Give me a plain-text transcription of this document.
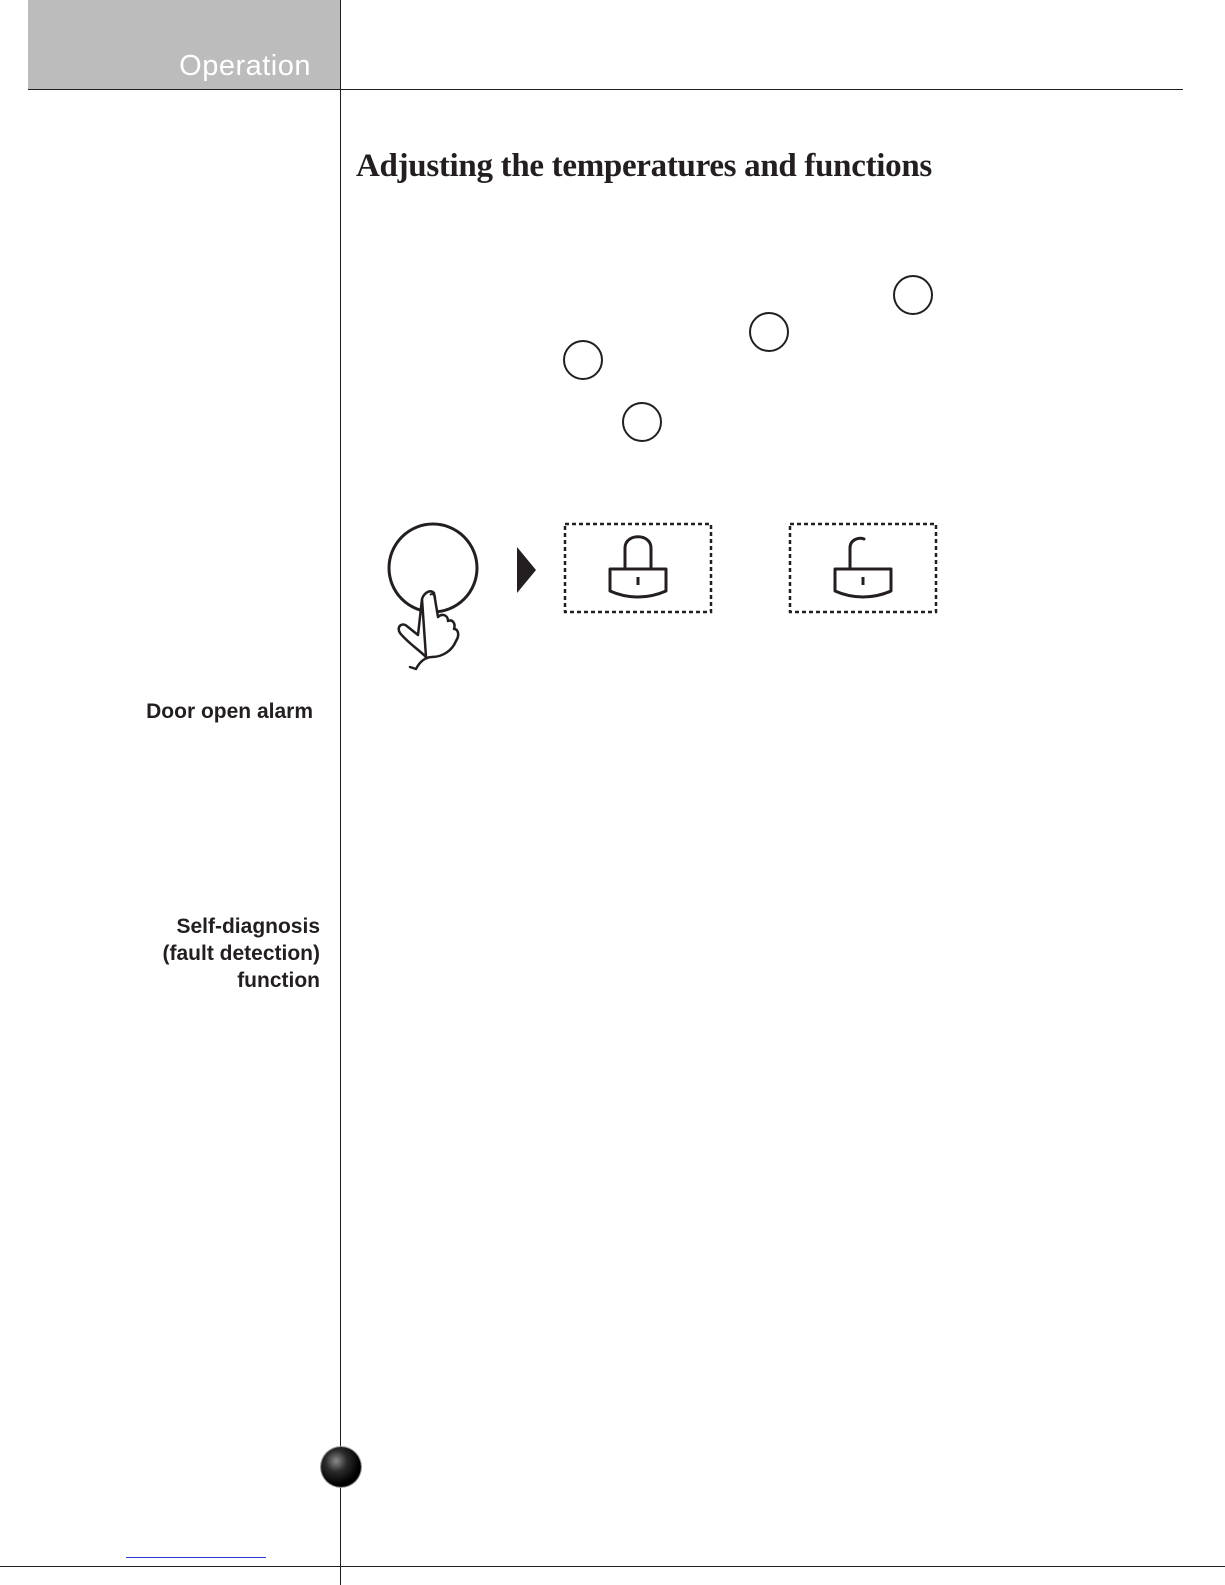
Operation
Adjusting the temperatures and functions
Door open alarm
Self-diagnosis
(fault detection)
function
